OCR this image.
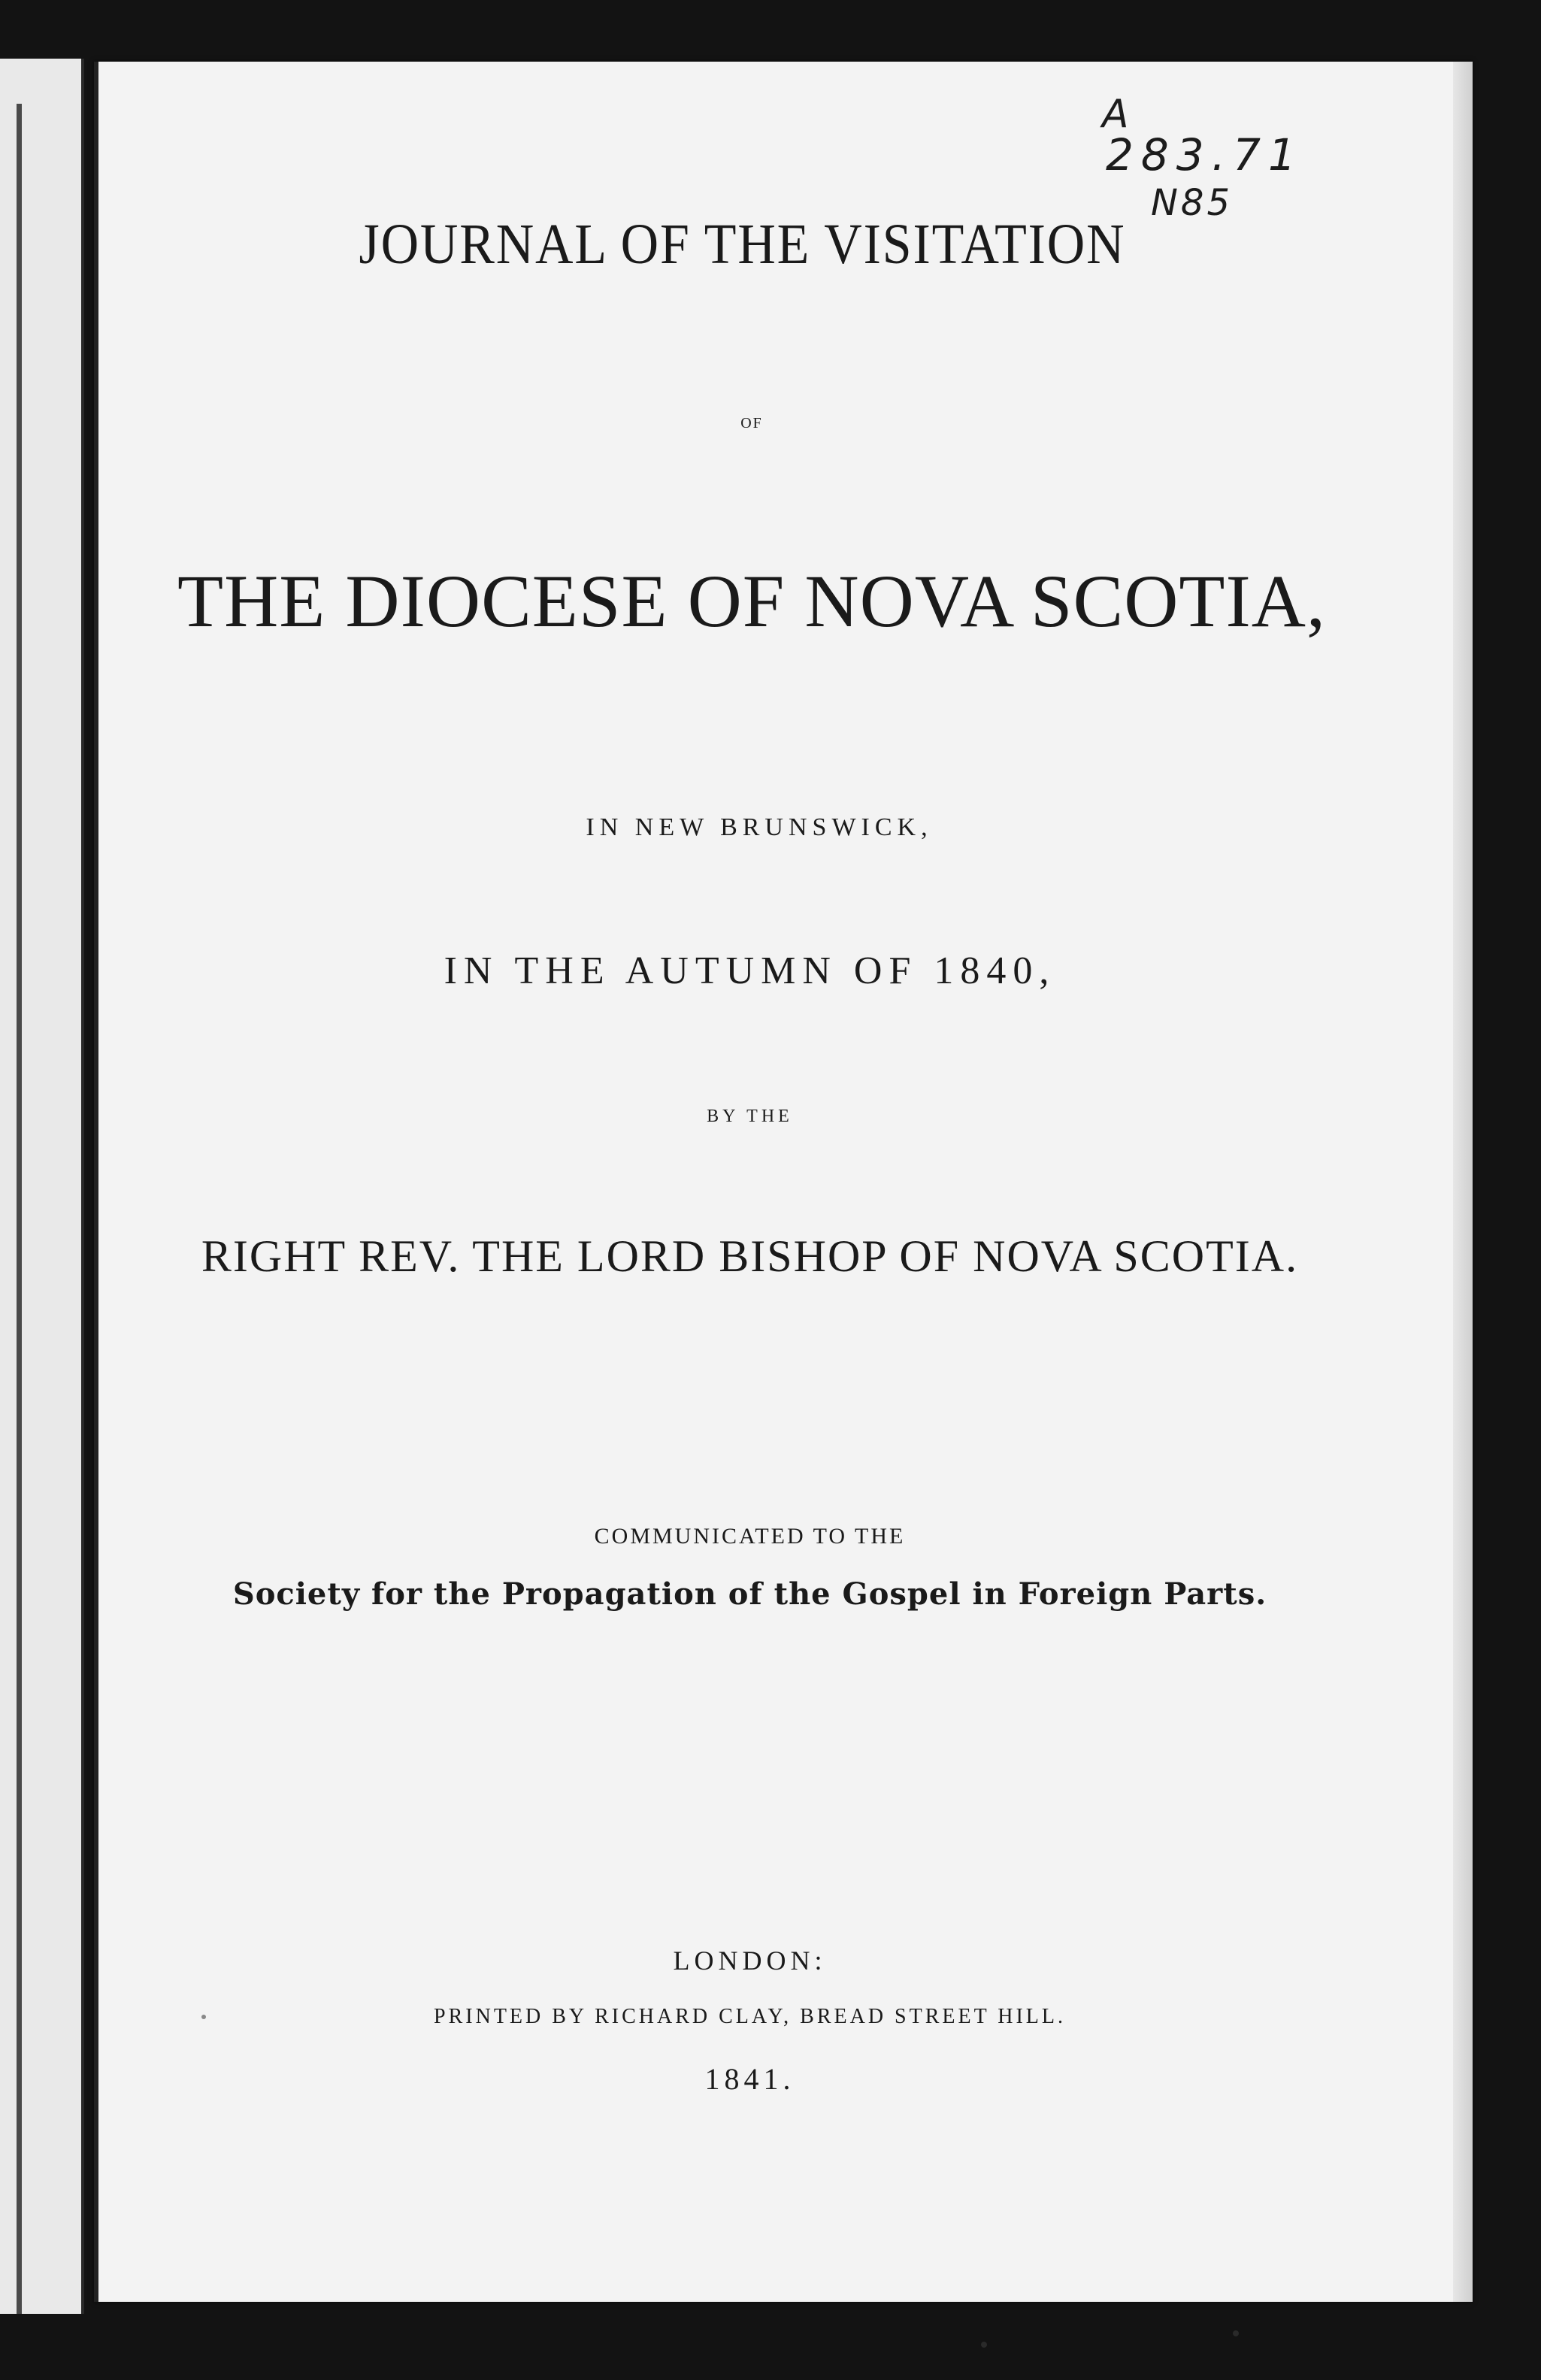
JOURNAL OF THE VISITATION
OF
THE DIOCESE OF NOVA SCOTIA,
IN NEW BRUNSWICK,
IN THE AUTUMN OF 1840,
BY THE
RIGHT REV. THE LORD BISHOP OF NOVA SCOTIA.
COMMUNICATED TO THE
Society for the Propagation of the Gospel in Foreign Parts.
LONDON:
PRINTED BY RICHARD CLAY, BREAD STREET HILL.
1841.
A
283.71
N85
